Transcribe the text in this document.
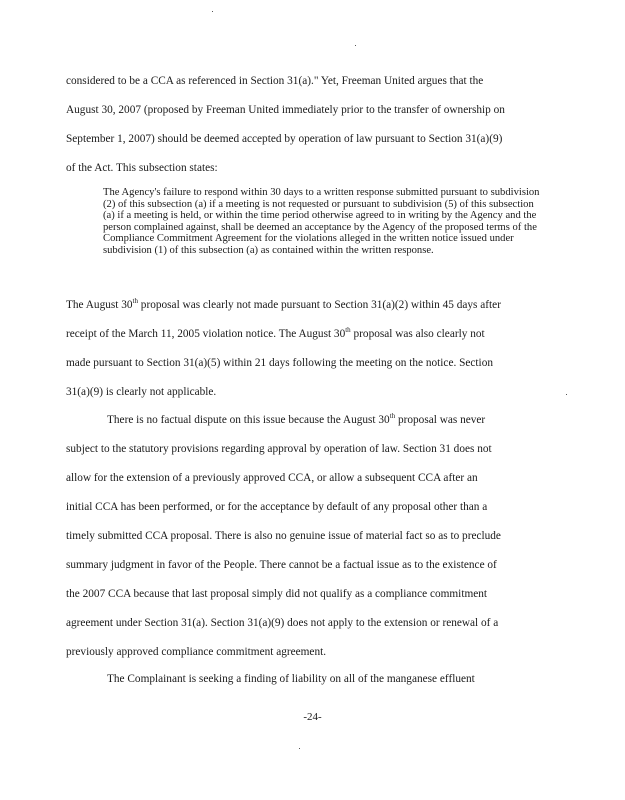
considered to be a CCA as referenced in Section 31(a)." Yet, Freeman United argues that the
August 30, 2007 (proposed by Freeman United immediately prior to the transfer of ownership on
September 1, 2007) should be deemed accepted by operation of law pursuant to Section 31(a)(9)
of the Act. This subsection states:

The Agency's failure to respond within 30 days to a written response submitted pursuant to subdivision (2) of this subsection (a) if a meeting is not requested or pursuant to subdivision (5) of this subsection (a) if a meeting is held, or within the time period otherwise agreed to in writing by the Agency and the person complained against, shall be deemed an acceptance by the Agency of the proposed terms of the Compliance Commitment Agreement for the violations alleged in the written notice issued under subdivision (1) of this subsection (a) as contained within the written response.

The August 30th proposal was clearly not made pursuant to Section 31(a)(2) within 45 days after
receipt of the March 11, 2005 violation notice. The August 30th proposal was also clearly not
made pursuant to Section 31(a)(5) within 21 days following the meeting on the notice. Section
31(a)(9) is clearly not applicable.
There is no factual dispute on this issue because the August 30th proposal was never
subject to the statutory provisions regarding approval by operation of law. Section 31 does not
allow for the extension of a previously approved CCA, or allow a subsequent CCA after an
initial CCA has been performed, or for the acceptance by default of any proposal other than a
timely submitted CCA proposal. There is also no genuine issue of material fact so as to preclude
summary judgment in favor of the People. There cannot be a factual issue as to the existence of
the 2007 CCA because that last proposal simply did not qualify as a compliance commitment
agreement under Section 31(a). Section 31(a)(9) does not apply to the extension or renewal of a
previously approved compliance commitment agreement.
The Complainant is seeking a finding of liability on all of the manganese effluent
-24-
